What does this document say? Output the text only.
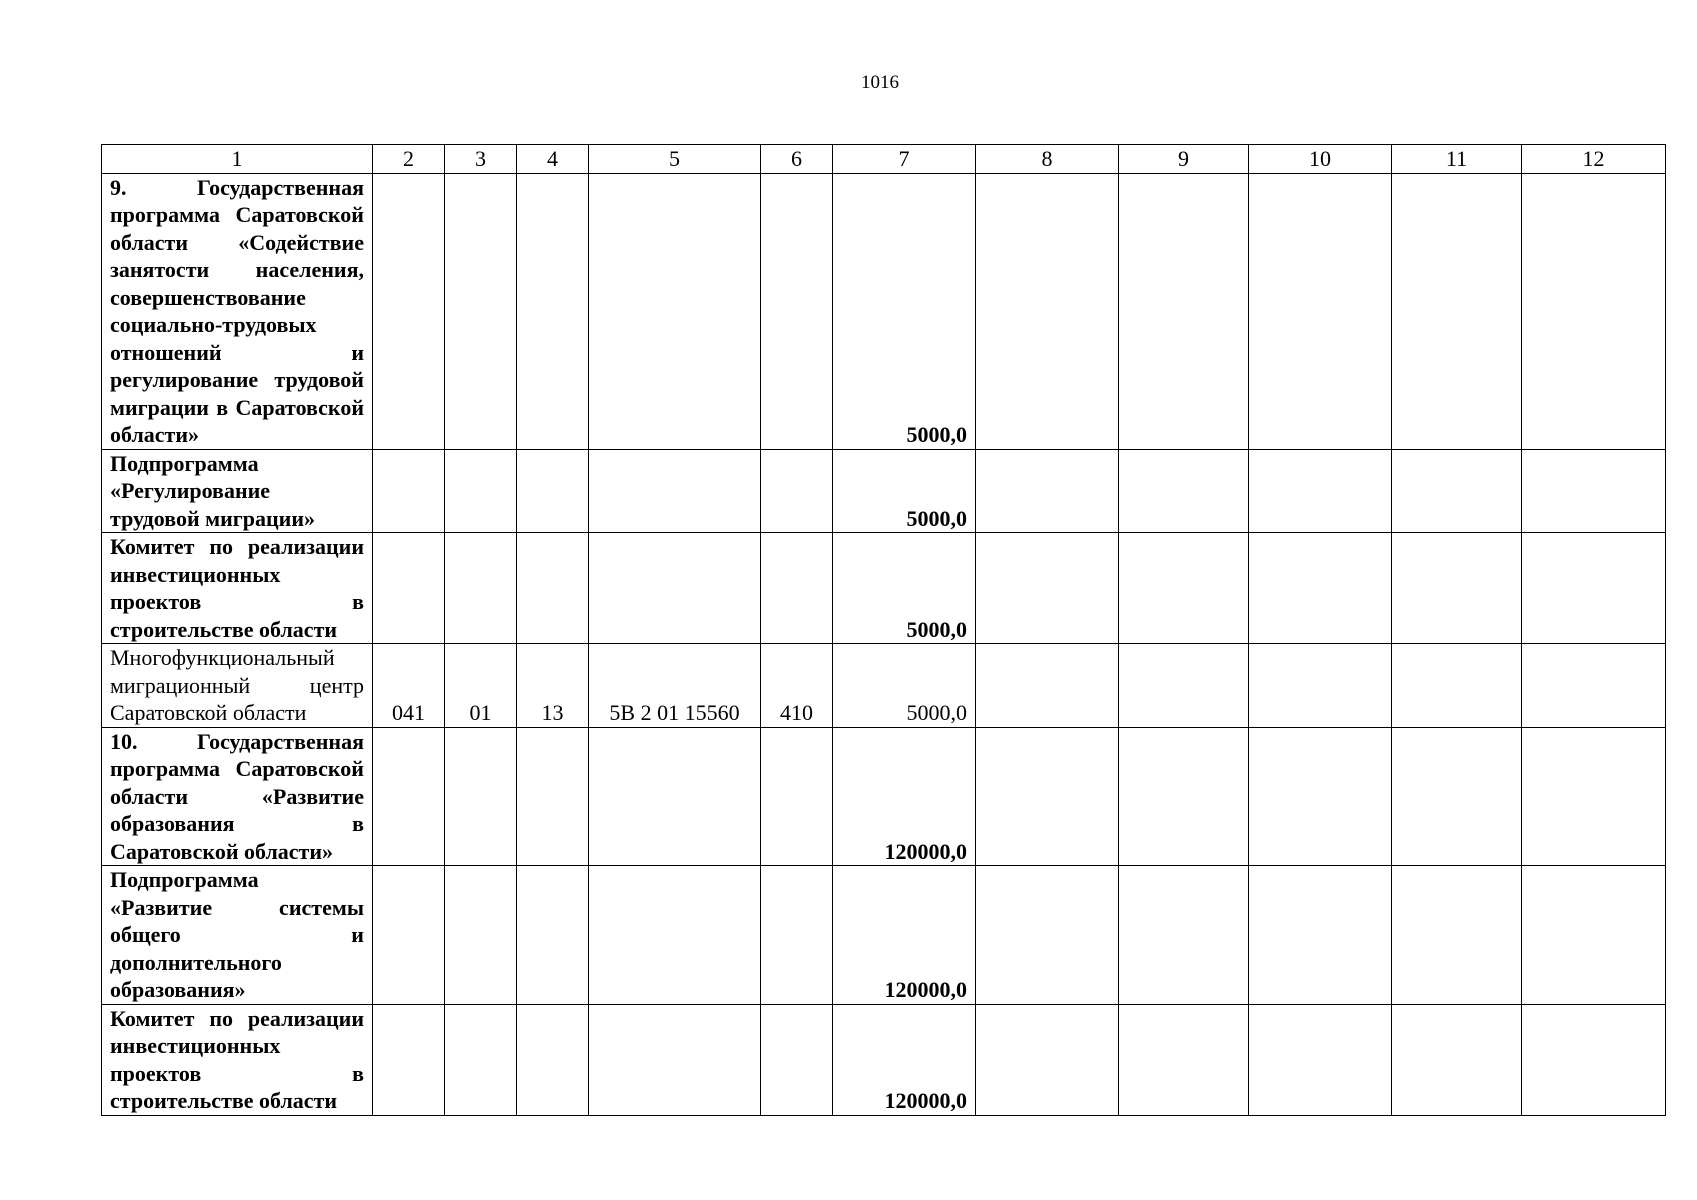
1016
1	2	3	4	5	6	7	8	9	10	11	12
9. Государственная программа Саратовской области «Содействие занятости населения, совершенствование социально-трудовых отношений и регулирование трудовой миграции в Саратовской области»						5000,0					
Подпрограмма «Регулирование трудовой миграции»						5000,0					
Комитет по реализации инвестиционных проектов в строительстве области						5000,0					
Многофункциональный миграционный центр Саратовской области	041	01	13	5В 2 01 15560	410	5000,0					
10. Государственная программа Саратовской области «Развитие образования в Саратовской области»						120000,0					
Подпрограмма «Развитие системы общего и дополнительного образования»						120000,0					
Комитет по реализации инвестиционных проектов в строительстве области						120000,0					
